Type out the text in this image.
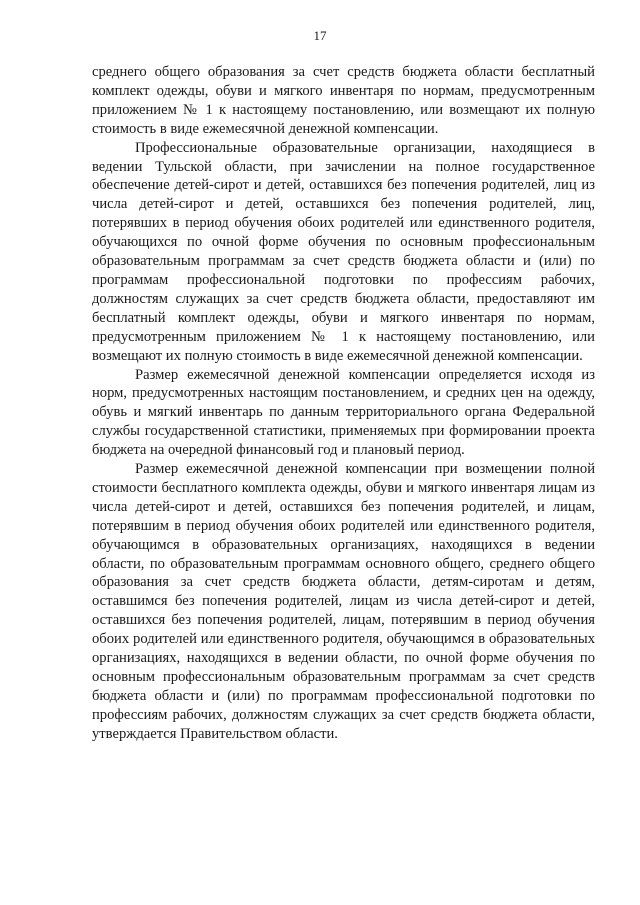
17

среднего общего образования за счет средств бюджета области бесплатный комплект одежды, обуви и мягкого инвентаря по нормам, предусмотренным приложением № 1 к настоящему постановлению, или возмещают их полную стоимость в виде ежемесячной денежной компенсации.

Профессиональные образовательные организации, находящиеся в ведении Тульской области, при зачислении на полное государственное обеспечение детей-сирот и детей, оставшихся без попечения родителей, лиц из числа детей-сирот и детей, оставшихся без попечения родителей, лиц, потерявших в период обучения обоих родителей или единственного родителя, обучающихся по очной форме обучения по основным профессиональным образовательным программам за счет средств бюджета области и (или) по программам профессиональной подготовки по профессиям рабочих, должностям служащих за счет средств бюджета области, предоставляют им бесплатный комплект одежды, обуви и мягкого инвентаря по нормам, предусмотренным приложением № 1 к настоящему постановлению, или возмещают их полную стоимость в виде ежемесячной денежной компенсации.

Размер ежемесячной денежной компенсации определяется исходя из норм, предусмотренных настоящим постановлением, и средних цен на одежду, обувь и мягкий инвентарь по данным территориального органа Федеральной службы государственной статистики, применяемых при формировании проекта бюджета на очередной финансовый год и плановый период.

Размер ежемесячной денежной компенсации при возмещении полной стоимости бесплатного комплекта одежды, обуви и мягкого инвентаря лицам из числа детей-сирот и детей, оставшихся без попечения родителей, и лицам, потерявшим в период обучения обоих родителей или единственного родителя, обучающимся в образовательных организациях, находящихся в ведении области, по образовательным программам основного общего, среднего общего образования за счет средств бюджета области, детям-сиротам и детям, оставшимся без попечения родителей, лицам из числа детей-сирот и детей, оставшихся без попечения родителей, лицам, потерявшим в период обучения обоих родителей или единственного родителя, обучающимся в образовательных организациях, находящихся в ведении области, по очной форме обучения по основным профессиональным образовательным программам за счет средств бюджета области и (или) по программам профессиональной подготовки по профессиям рабочих, должностям служащих за счет средств бюджета области, утверждается Правительством области.
